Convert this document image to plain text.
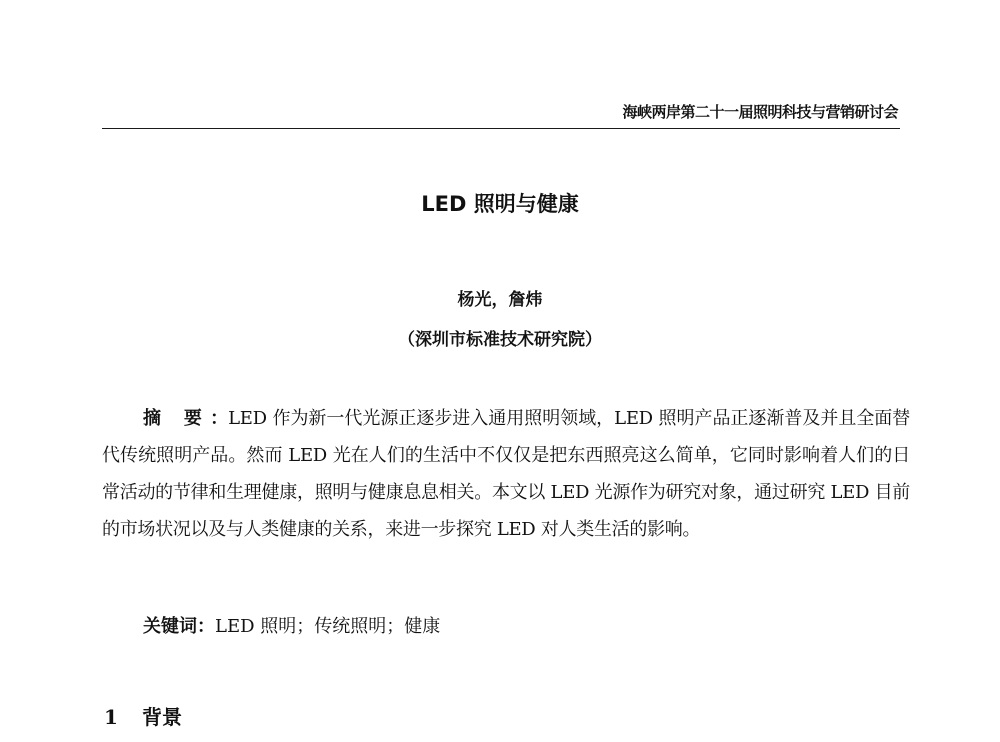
海峡两岸第二十一届照明科技与营销研讨会
LED 照明与健康
杨光，詹炜
（深圳市标准技术研究院）
摘 要：LED 作为新一代光源正逐步进入通用照明领域，LED 照明产品正逐渐普及并且全面替代传统照明产品。然而 LED 光在人们的生活中不仅仅是把东西照亮这么简单，它同时影响着人们的日常活动的节律和生理健康，照明与健康息息相关。本文以 LED 光源作为研究对象，通过研究 LED 目前的市场状况以及与人类健康的关系，来进一步探究 LED 对人类生活的影响。
关键词：LED 照明；传统照明；健康
1 背景
